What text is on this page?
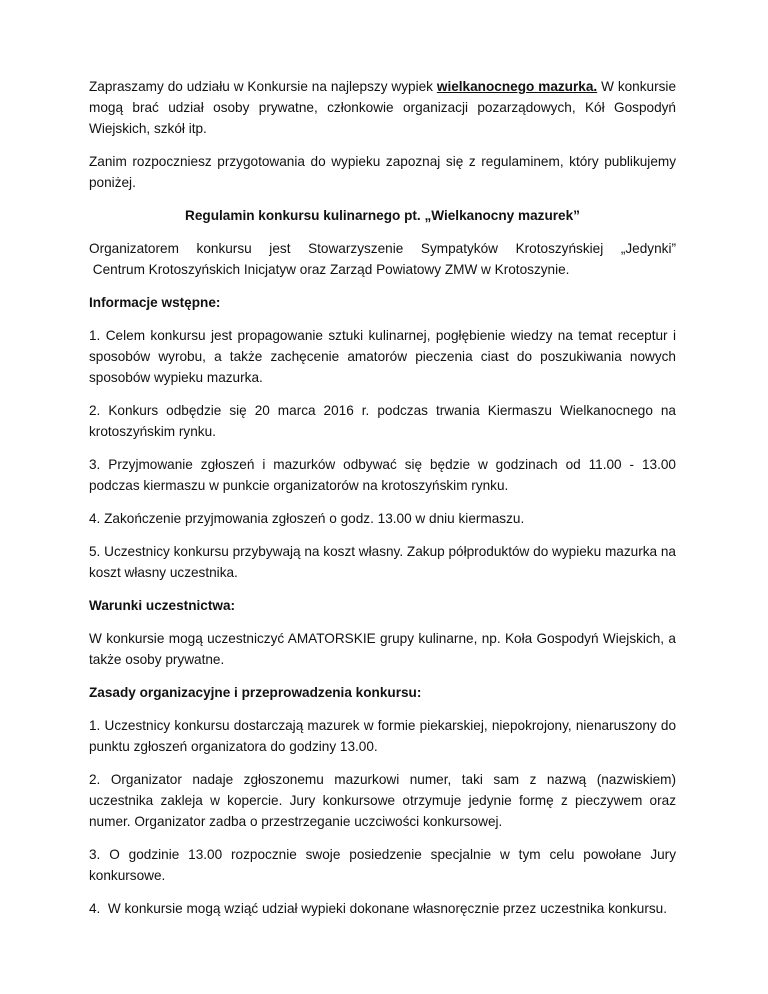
Zapraszamy do udziału w Konkursie na najlepszy wypiek wielkanocnego mazurka. W konkursie mogą brać udział osoby prywatne, członkowie organizacji pozarządowych, Kół Gospodyń Wiejskich, szkół itp.

Zanim rozpoczniesz przygotowania do wypieku zapoznaj się z regulaminem, który publikujemy poniżej.

Regulamin konkursu kulinarnego pt. „Wielkanocny mazurek”

Organizatorem konkursu jest Stowarzyszenie Sympatyków Krotoszyńskiej „Jedynki”
Centrum Krotoszyńskich Inicjatyw oraz Zarząd Powiatowy ZMW w Krotoszynie.

Informacje wstępne:

1. Celem konkursu jest propagowanie sztuki kulinarnej, pogłębienie wiedzy na temat receptur i sposobów wyrobu, a także zachęcenie amatorów pieczenia ciast do poszukiwania nowych sposobów wypieku mazurka.

2. Konkurs odbędzie się 20 marca 2016 r. podczas trwania Kiermaszu Wielkanocnego na krotoszyńskim rynku.

3. Przyjmowanie zgłoszeń i mazurków odbywać się będzie w godzinach od 11.00 - 13.00 podczas kiermaszu w punkcie organizatorów na krotoszyńskim rynku.

4. Zakończenie przyjmowania zgłoszeń o godz. 13.00 w dniu kiermaszu.

5. Uczestnicy konkursu przybywają na koszt własny. Zakup półproduktów do wypieku mazurka na koszt własny uczestnika.

Warunki uczestnictwa:

W konkursie mogą uczestniczyć AMATORSKIE grupy kulinarne, np. Koła Gospodyń Wiejskich, a także osoby prywatne.

Zasady organizacyjne i przeprowadzenia konkursu:

1. Uczestnicy konkursu dostarczają mazurek w formie piekarskiej, niepokrojony, nienaruszony do punktu zgłoszeń organizatora do godziny 13.00.

2. Organizator nadaje zgłoszonemu mazurkowi numer, taki sam z nazwą (nazwiskiem) uczestnika zakleja w kopercie. Jury konkursowe otrzymuje jedynie formę z pieczywem oraz numer. Organizator zadba o przestrzeganie uczciwości konkursowej.

3. O godzinie 13.00 rozpocznie swoje posiedzenie specjalnie w tym celu powołane Jury konkursowe.

4.  W konkursie mogą wziąć udział wypieki dokonane własnoręcznie przez uczestnika konkursu.
